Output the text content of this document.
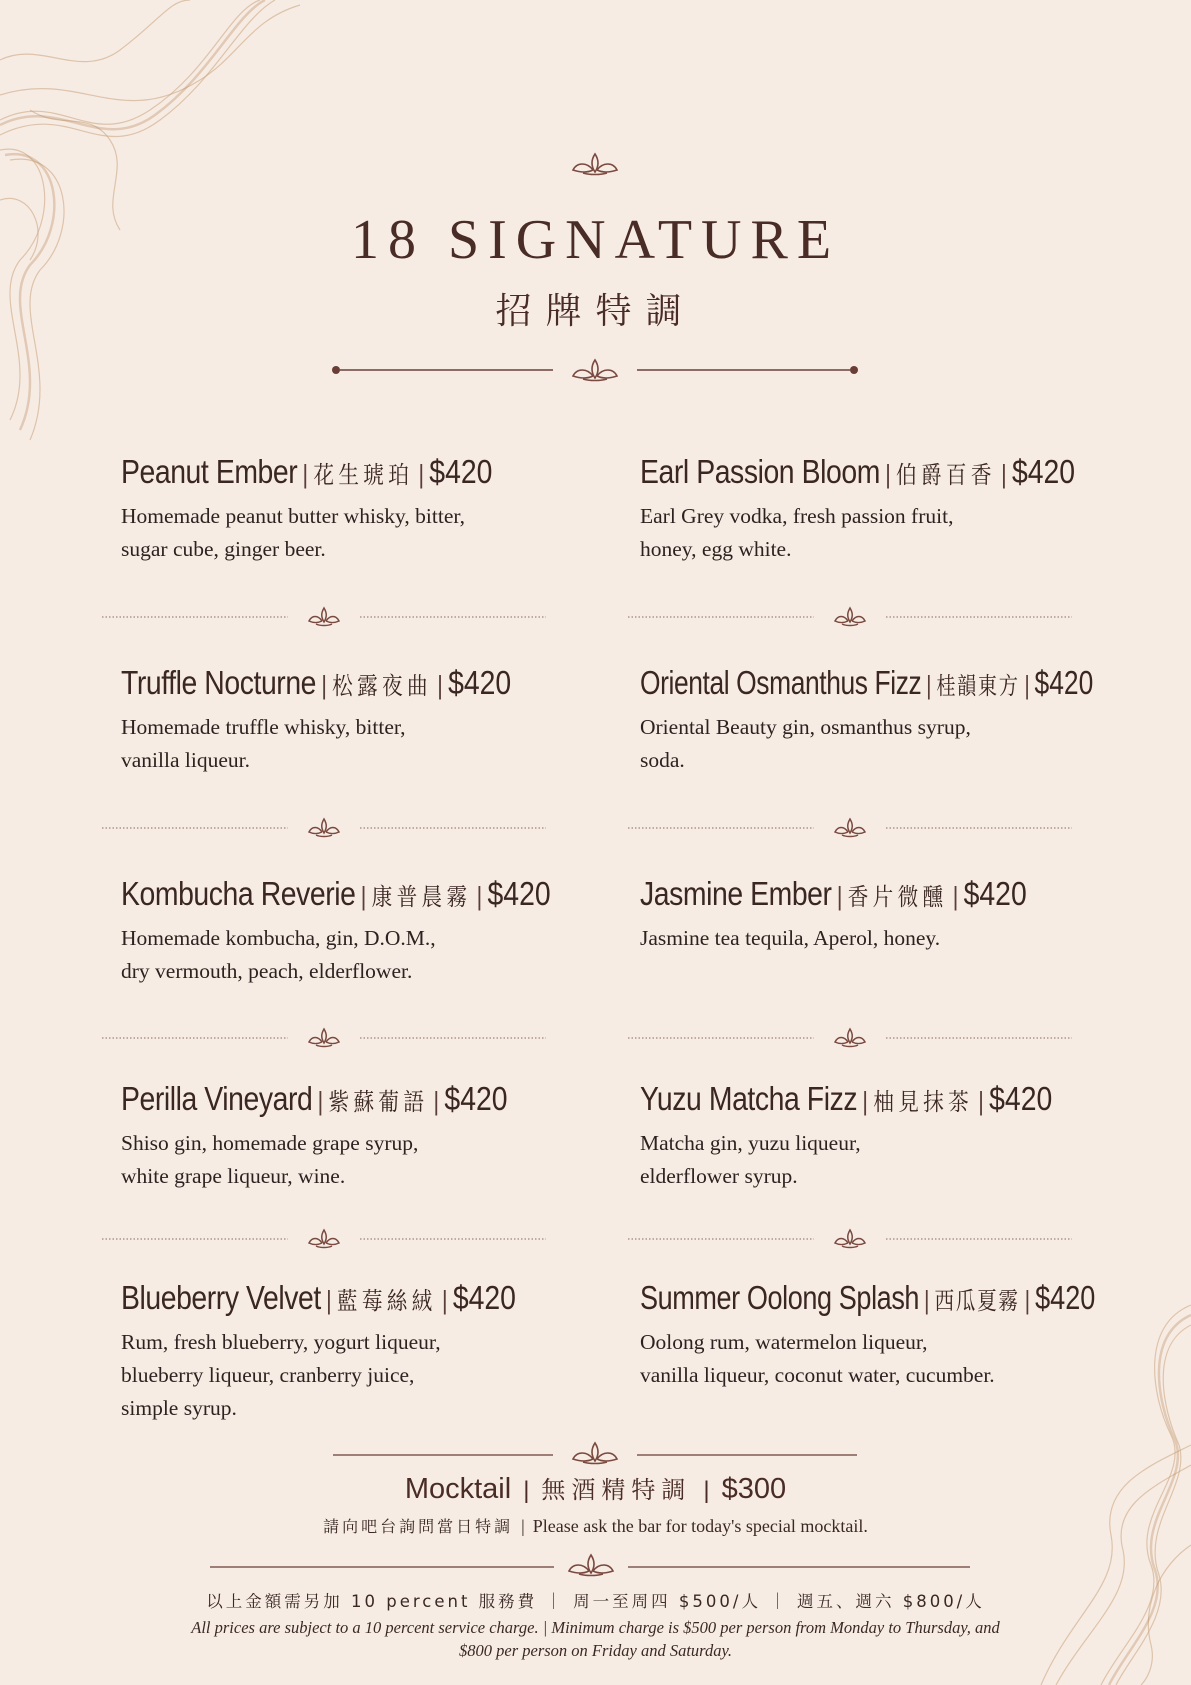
18 SIGNATURE
招牌特調
Peanut Ember | 花生琥珀 | $420
Homemade peanut butter whisky, bitter,
sugar cube, ginger beer.
Earl Passion Bloom | 伯爵百香 | $420
Earl Grey vodka, fresh passion fruit,
honey, egg white.
Truffle Nocturne | 松露夜曲 | $420
Homemade truffle whisky, bitter,
vanilla liqueur.
Oriental Osmanthus Fizz | 桂韻東方 | $420
Oriental Beauty gin, osmanthus syrup,
soda.
Kombucha Reverie | 康普晨霧 | $420
Homemade kombucha, gin, D.O.M.,
dry vermouth, peach, elderflower.
Jasmine Ember | 香片微醺 | $420
Jasmine tea tequila, Aperol, honey.
Perilla Vineyard | 紫蘇葡語 | $420
Shiso gin, homemade grape syrup,
white grape liqueur, wine.
Yuzu Matcha Fizz | 柚見抹茶 | $420
Matcha gin, yuzu liqueur,
elderflower syrup.
Blueberry Velvet | 藍莓絲絨 | $420
Rum, fresh blueberry, yogurt liqueur,
blueberry liqueur, cranberry juice,
simple syrup.
Summer Oolong Splash | 西瓜夏霧 | $420
Oolong rum, watermelon liqueur,
vanilla liqueur, coconut water, cucumber.
Mocktail | 無酒精特調 | $300
請向吧台詢問當日特調 | Please ask the bar for today's special mocktail.
以上金額需另加 10 percent 服務費 ｜ 周一至周四 $500/人 ｜ 週五、週六 $800/人
All prices are subject to a 10 percent service charge. | Minimum charge is $500 per person from Monday to Thursday, and $800 per person on Friday and Saturday.
